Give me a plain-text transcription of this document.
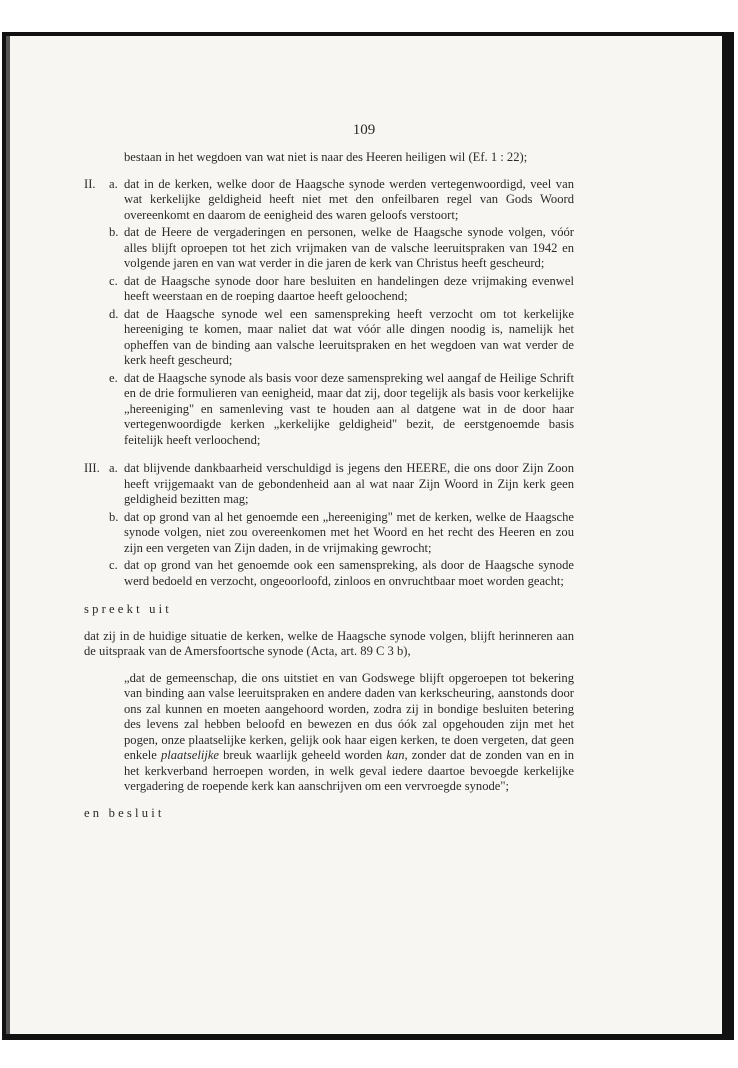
109

bestaan in het wegdoen van wat niet is naar des Heeren heiligen wil (Ef. 1 : 22);

II. a. dat in de kerken, welke door de Haagsche synode werden vertegenwoordigd, veel van wat kerkelijke geldigheid heeft niet met den onfeilbaren regel van Gods Woord overeenkomt en daarom de eenigheid des waren geloofs verstoort;
b. dat de Heere de vergaderingen en personen, welke de Haagsche synode volgen, vóór alles blijft oproepen tot het zich vrijmaken van de valsche leeruitspraken van 1942 en volgende jaren en van wat verder in die jaren de kerk van Christus heeft gescheurd;
c. dat de Haagsche synode door hare besluiten en handelingen deze vrijmaking evenwel heeft weerstaan en de roeping daartoe heeft geloochend;
d. dat de Haagsche synode wel een samenspreking heeft verzocht om tot kerkelijke hereeniging te komen, maar naliet dat wat vóór alle dingen noodig is, namelijk het opheffen van de binding aan valsche leeruitspraken en het wegdoen van wat verder de kerk heeft gescheurd;
e. dat de Haagsche synode als basis voor deze samenspreking wel aangaf de Heilige Schrift en de drie formulieren van eenigheid, maar dat zij, door tegelijk als basis voor kerkelijke „hereeniging" en samenleving vast te houden aan al datgene wat in de door haar vertegenwoordigde kerken „kerkelijke geldigheid" bezit, de eerstgenoemde basis feitelijk heeft verloochend;
III. a. dat blijvende dankbaarheid verschuldigd is jegens den HEERE, die ons door Zijn Zoon heeft vrijgemaakt van de gebondenheid aan al wat naar Zijn Woord in Zijn kerk geen geldigheid bezitten mag;
b. dat op grond van al het genoemde een „hereeniging" met de kerken, welke de Haagsche synode volgen, niet zou overeenkomen met het Woord en het recht des Heeren en zou zijn een vergeten van Zijn daden, in de vrijmaking gewrocht;
c. dat op grond van het genoemde ook een samenspreking, als door de Haagsche synode werd bedoeld en verzocht, ongeoorloofd, zinloos en onvruchtbaar moet worden geacht;

spreekt uit

dat zij in de huidige situatie de kerken, welke de Haagsche synode volgen, blijft herinneren aan de uitspraak van de Amersfoortsche synode (Acta, art. 89 C 3 b),

„dat de gemeenschap, die ons uitstiet en van Godswege blijft opgeroepen tot bekering van binding aan valse leeruitspraken en andere daden van kerkscheuring, aanstonds door ons zal kunnen en moeten aangehoord worden, zodra zij in bondige besluiten betering des levens zal hebben beloofd en bewezen en dus óók zal opgehouden zijn met het pogen, onze plaatselijke kerken, gelijk ook haar eigen kerken, te doen vergeten, dat geen enkele plaatselijke breuk waarlijk geheeld worden kan, zonder dat de zonden van en in het kerkverband herroepen worden, in welk geval iedere daartoe bevoegde kerkelijke vergadering de roepende kerk kan aanschrijven om een vervroegde synode";

en besluit
